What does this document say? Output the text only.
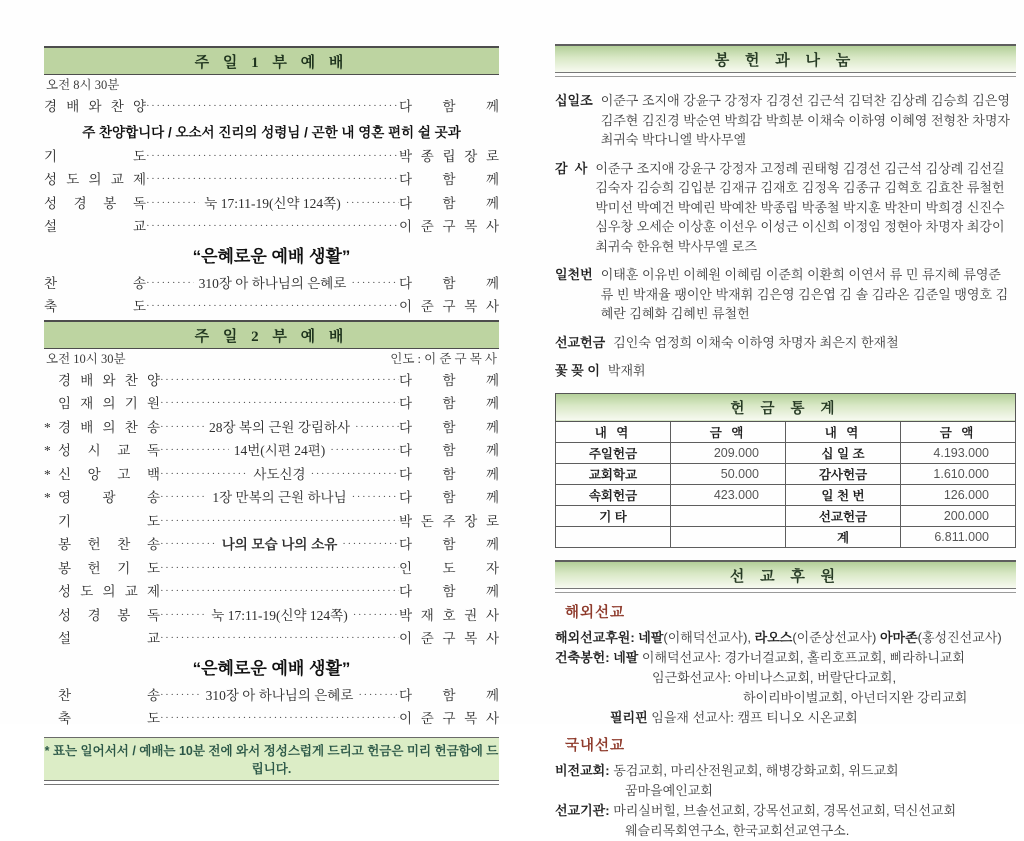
주 일 1 부 예 배
오전 8시 30분
경 배 와 찬 양 ·····	다 함 께
주 찬양합니다 / 오소서 진리의 성령님 / 곤한 내 영혼 편히 쉴 곳과
기 도 ·····	박 종 립 장 로
성 도 의 교 제 ·····	다 함 께
성 경 봉 독 ·····	눅 17:11-19(신약 124쪽) ·····	다 함 께
설 교 ·····	이 준 구 목 사
“은혜로운 예배 생활”
찬 송 ·····	310장 아 하나님의 은혜로 ·····	다 함 께
축 도 ·····	이 준 구 목 사
주 일 2 부 예 배
오전 10시 30분	인도 : 이 준 구 목 사
경 배 와 찬 양 ·····	다 함 께
임 재 의 기 원 ·····	다 함 께
* 경 배 의 찬 송 ·····	28장 복의 근원 강림하사 ·····	다 함 께
* 성 시 교 독 ·····	14번(시편 24편) ·····	다 함 께
* 신 앙 고 백 ·····	사도신경 ·····	다 함 께
* 영 광 송 ·····	1장 만복의 근원 하나님 ·····	다 함 께
기 도 ·····	박 돈 주 장 로
봉 헌 찬 송 ·····	나의 모습 나의 소유 ·····	다 함 께
봉 헌 기 도 ·····	인 도 자
성 도 의 교 제 ·····	다 함 께
성 경 봉 독 ·····	눅 17:11-19(신약 124쪽) ·····	박 재 호 권 사
설 교 ·····	이 준 구 목 사
“은혜로운 예배 생활”
찬 송 ·····	310장 아 하나님의 은혜로 ·····	다 함 께
축 도 ·····	이 준 구 목 사
* 표는 일어서서 / 예배는 10분 전에 와서 정성스럽게 드리고 헌금은 미리 헌금함에 드립니다.
봉 헌 과 나 눔
십일조 이준구 조지애 강윤구 강정자 김경선 김근석 김덕찬 김상례 김승희 김은영 김주현 김진경 박순연 박희감 박희분 이채숙 이하영 이혜영 전형찬 차명자 최귀숙 박다니엘 박사무엘
감  사 이준구 조지애 강윤구 강정자 고정례 권태형 김경선 김근석 김상례 김선길 김숙자 김승희 김입분 김재규 김재호 김정옥 김종규 김혁호 김효찬 류철헌 박미선 박예건 박예린 박예찬 박종립 박종철 박지훈 박찬미 박희경 신진수 심우창 오세순 이상훈 이선우 이성근 이신희 이정임 정현아 차명자 최강이 최귀숙 한유현 박사무엘 로즈
일천번 이태훈 이유빈 이혜원 이혜림 이준희 이환희 이연서 류 민 류지혜 류영준 류 빈 박재율 팽이안 박재휘 김은영 김은엽 김 솔 김라온 김준일 맹영호 김혜란 김혜화 김혜빈 류철헌
선교헌금 김인숙 엄정희 이채숙 이하영 차명자 최은지 한재철
꽃 꽂 이 박재휘
헌 금 통 계			
내 역	금 액	내 역	금 액
주일헌금	209.000	십 일 조	4.193.000
교회학교	50.000	감사헌금	1.610.000
속회헌금	423.000	일 천 번	126.000
기 타		선교헌금	200.000
		계	6.811.000
선 교 후 원
해외선교
해외선교후원: 네팔(이해덕선교사), 라오스(이준상선교사) 아마존(홍성진선교사)
건축봉헌: 네팔 이해덕선교사: 경가너걸교회, 홀리호프교회, 삐라하니교회
임근화선교사: 아비나스교회, 버랄단다교회,
하이리바이벌교회, 아넌더지완 강리교회
필리핀 임을재 선교사: 캠프 티니오 시온교회
국내선교
비전교회: 동검교회, 마리산전원교회, 해병강화교회, 위드교회
꿈마을예인교회
선교기관: 마리실버힐, 브솔선교회, 강목선교회, 경목선교회, 덕신선교회
웨슬리목회연구소, 한국교회선교연구소.
